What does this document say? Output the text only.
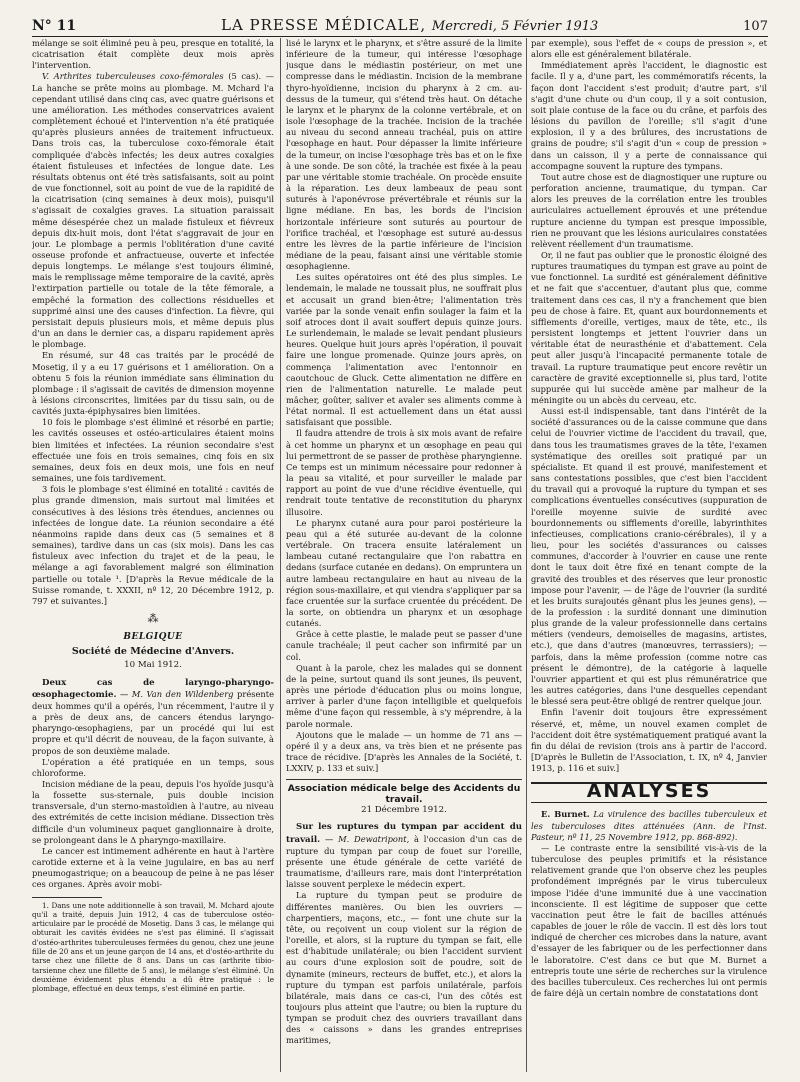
N° 11	LA PRESSE MÉDICALE, Mercredi, 5 Février 1913	107

mélange se soit éliminé peu à peu, presque en totalité, la cicatrisation était complète deux mois après l'intervention.

V. Arthrites tuberculeuses coxo-fémorales (5 cas). — La hanche se prête moins au plombage. M. Mchard l'a cependant utilisé dans cinq cas, avec quatre guérisons et une amélioration. Les méthodes conservatrices avaient complètement échoué et l'intervention n'a été pratiquée qu'après plusieurs années de traitement infructueux. Dans trois cas, la tuberculose coxo-fémorale était compliquée d'abcès infectés; les deux autres coxalgies étaient fistuleuses et infectées de longue date. Les résultats obtenus ont été très satisfaisants, soit au point de vue fonctionnel, soit au point de vue de la rapidité de la cicatrisation (cinq semaines à deux mois), puisqu'il s'agissait de coxalgies graves. La situation paraissait même désespérée chez un malade fistuleux et fiévreux depuis dix-huit mois, dont l'état s'aggravait de jour en jour. Le plombage a permis l'oblitération d'une cavité osseuse profonde et anfractueuse, ouverte et infectée depuis longtemps. Le mélange s'est toujours éliminé, mais le remplissage même temporaire de la cavité, après l'extirpation partielle ou totale de la tête fémorale, a empêché la formation des collections résiduelles et supprimé ainsi une des causes d'infection. La fièvre, qui persistait depuis plusieurs mois, et même depuis plus d'un an dans le dernier cas, a disparu rapidement après le plombage.

En résumé, sur 48 cas traités par le procédé de Mosetig, il y a eu 17 guérisons et 1 amélioration. On a obtenu 5 fois la réunion immédiate sans élimination du plombage : il s'agissait de cavités de dimension moyenne à lésions circonscrites, limitées par du tissu sain, ou de cavités juxta-épiphysaires bien limitées.

10 fois le plombage s'est éliminé et résorbé en partie; les cavités osseuses et ostéo-articulaires étaient moins bien limitées et infectées. La réunion secondaire s'est effectuée une fois en trois semaines, cinq fois en six semaines, deux fois en deux mois, une fois en neuf semaines, une fois tardivement.

3 fois le plombage s'est éliminé en totalité : cavités de plus grande dimension, mais surtout mal limitées et consécutives à des lésions très étendues, anciennes ou infectées de longue date. La réunion secondaire a été néanmoins rapide dans deux cas (5 semaines et 8 semaines), tardive dans un cas (six mois). Dans les cas fistuleux avec infection du trajet et de la peau, le mélange a agi favorablement malgré son élimination partielle ou totale ¹. [D'après la Revue médicale de la Suisse romande, t. XXXII, nº 12, 20 Décembre 1912, p. 797 et suivantes.]

⁂
BELGIQUE
Société de Médecine d'Anvers.
10 Mai 1912.

Deux cas de laryngo-pharyngo-œsophagectomie. — M. Van den Wildenberg présente deux hommes qu'il a opérés, l'un récemment, l'autre il y a près de deux ans, de cancers étendus laryngo-pharyngo-œsophagiens, par un procédé qui lui est propre et qu'il décrit de nouveau, de la façon suivante, à propos de son deuxième malade.

L'opération a été pratiquée en un temps, sous chloroforme.

Incision médiane de la peau, depuis l'os hyoïde jusqu'à la fossette sus-sternale, puis double incision transversale, d'un sterno-mastoïdien à l'autre, au niveau des extrémités de cette incision médiane. Dissection très difficile d'un volumineux paquet ganglionnaire à droite, se prolongeant dans le Δ pharyngo-maxillaire.

Le cancer est intimement adhérente en haut à l'artère carotide externe et à la veine jugulaire, en bas au nerf pneumogastrique; on a beaucoup de peine à ne pas léser ces organes. Après avoir mobi-

1. Dans une note additionnelle à son travail, M. Mchard ajoute qu'il a traité, depuis Juin 1912, 4 cas de tuberculose ostéo-articulaire par le procédé de Mosetig. Dans 3 cas, le mélange qui obturait les cavités évidées ne s'est pas éliminé. Il s'agissait d'ostéo-arthrites tuberculeuses fermées du genou, chez une jeune fille de 20 ans et un jeune garçon de 14 ans, et d'ostéo-arthrite du tarse chez une fillette de 8 ans. Dans un cas (arthrite tibio-tarsienne chez une fillette de 5 ans), le mélange s'est éliminé. Un deuxième évidement plus étendu a dû être pratiqué : le plombage, effectué en deux temps, s'est éliminé en partie.

lisé le larynx et le pharynx, et s'être assuré de la limite inférieure de la tumeur, qui intéresse l'œsophage jusque dans le médiastin postérieur, on met une compresse dans le médiastin. Incision de la membrane thyro-hyoïdienne, incision du pharynx à 2 cm. au-dessus de la tumeur, qui s'étend très haut. On détache le larynx et le pharynx de la colonne vertébrale, et on isole l'œsophage de la trachée. Incision de la trachée au niveau du second anneau trachéal, puis on attire l'œsophage en haut. Pour dépasser la limite inférieure de la tumeur, on incise l'œsophage très bas et on le fixe à une sonde. De son côté, la trachée est fixée à la peau par une véritable stomie trachéale. On procède ensuite à la réparation. Les deux lambeaux de peau sont suturés à l'aponévrose prévertébrale et réunis sur la ligne médiane. En bas, les bords de l'incision horizontale inférieure sont suturés au pourtour de l'orifice trachéal, et l'œsophage est suturé au-dessus entre les lèvres de la partie inférieure de l'incision médiane de la peau, faisant ainsi une véritable stomie œsophagienne.

Les suites opératoires ont été des plus simples. Le lendemain, le malade ne toussait plus, ne souffrait plus et accusait un grand bien-être; l'alimentation très variée par la sonde venait enfin soulager la faim et la soif atroces dont il avait souffert depuis quinze jours. Le surlendemain, le malade se levait pendant plusieurs heures. Quelque huit jours après l'opération, il pouvait faire une longue promenade. Quinze jours après, on commença l'alimentation avec l'entonnoir en caoutchouc de Gluck. Cette alimentation ne diffère en rien de l'alimentation naturelle. Le malade peut mâcher, goûter, saliver et avaler ses aliments comme à l'état normal. Il est actuellement dans un état aussi satisfaisant que possible.

Il faudra attendre de trois à six mois avant de refaire à cet homme un pharynx et un œsophage en peau qui lui permettront de se passer de prothèse pharyngienne. Ce temps est un minimum nécessaire pour redonner à la peau sa vitalité, et pour surveiller le malade par rapport au point de vue d'une récidive éventuelle, qui rendrait toute tentative de reconstitution du pharynx illusoire.

Le pharynx cutané aura pour paroi postérieure la peau qui a été suturée au-devant de la colonne vertébrale. On tracera ensuite latéralement un lambeau cutané rectangulaire que l'on rabattra en dedans (surface cutanée en dedans). On empruntera un autre lambeau rectangulaire en haut au niveau de la région sous-maxillaire, et qui viendra s'appliquer par sa face cruentée sur la surface cruentée du précédent. De la sorte, on obtiendra un pharynx et un œsophage cutanés.

Grâce à cette plastie, le malade peut se passer d'une canule trachéale; il peut cacher son infirmité par un col.

Quant à la parole, chez les malades qui se donnent de la peine, surtout quand ils sont jeunes, ils peuvent, après une période d'éducation plus ou moins longue, arriver à parler d'une façon intelligible et quelquefois même d'une façon qui ressemble, à s'y méprendre, à la parole normale.

Ajoutons que le malade — un homme de 71 ans — opéré il y a deux ans, va très bien et ne présente pas trace de récidive. [D'après les Annales de la Société, t. LXXIV, p. 133 et suiv.]

Association médicale belge des Accidents du travail.
21 Décembre 1912.

Sur les ruptures du tympan par accident du travail. — M. Dewatripont, à l'occasion d'un cas de rupture du tympan par coup de fouet sur l'oreille, présente une étude générale de cette variété de traumatisme, d'ailleurs rare, mais dont l'interprétation laisse souvent perplexe le médecin expert.

La rupture du tympan peut se produire de différentes manières. Ou bien les ouvriers — charpentiers, maçons, etc., — font une chute sur la tête, ou reçoivent un coup violent sur la région de l'oreille, et alors, si la rupture du tympan se fait, elle est d'habitude unilatérale; ou bien l'accident survient au cours d'une explosion soit de poudre, soit de dynamite (mineurs, recteurs de buffet, etc.), et alors la rupture du tympan est parfois unilatérale, parfois bilatérale, mais dans ce cas-ci, l'un des côtés est toujours plus atteint que l'autre; ou bien la rupture du tympan se produit chez des ouvriers travaillant dans des « caissons » dans les grandes entreprises maritimes,

par exemple), sous l'effet de « coups de pression », et alors elle est généralement bilatérale.

Immédiatement après l'accident, le diagnostic est facile. Il y a, d'une part, les commémoratifs récents, la façon dont l'accident s'est produit; d'autre part, s'il s'agit d'une chute ou d'un coup, il y a soit contusion, soit plaie contuse de la face ou du crâne, et parfois des lésions du pavillon de l'oreille; s'il s'agit d'une explosion, il y a des brûlures, des incrustations de grains de poudre; s'il s'agit d'un « coup de pression » dans un caisson, il y a perte de connaissance qui accompagne souvent la rupture des tympans.

Tout autre chose est de diagnostiquer une rupture ou perforation ancienne, traumatique, du tympan. Car alors les preuves de la corrélation entre les troubles auriculaires actuellement éprouvés et une prétendue rupture ancienne du tympan est presque impossible, rien ne prouvant que les lésions auriculaires constatées relèvent réellement d'un traumatisme.

Or, il ne faut pas oublier que le pronostic éloigné des ruptures traumatiques du tympan est grave au point de vue fonctionnel. La surdité est généralement définitive et ne fait que s'accentuer, d'autant plus que, comme traitement dans ces cas, il n'y a franchement que bien peu de chose à faire. Et, quant aux bourdonnements et sifflements d'oreille, vertiges, maux de tête, etc., ils persistent longtemps et jettent l'ouvrier dans un véritable état de neurasthénie et d'abattement. Cela peut aller jusqu'à l'incapacité permanente totale de travail. La rupture traumatique peut encore revêtir un caractère de gravité exceptionnelle si, plus tard, l'otite suppurée qui lui succède amène par malheur de la méningite ou un abcès du cerveau, etc.

Aussi est-il indispensable, tant dans l'intérêt de la société d'assurances ou de la caisse commune que dans celui de l'ouvrier victime de l'accident du travail, que, dans tous les traumatismes graves de la tête, l'examen systématique des oreilles soit pratiqué par un spécialiste. Et quand il est prouvé, manifestement et sans contestations possibles, que c'est bien l'accident du travail qui a provoqué la rupture du tympan et ses complications éventuelles consécutives (suppuration de l'oreille moyenne suivie de surdité avec bourdonnements ou sifflements d'oreille, labyrinthites infectieuses, complications cranio-cérébrales), il y a lieu, pour les sociétés d'assurances ou caisses communes, d'accorder à l'ouvrier en cause une rente dont le taux doit être fixé en tenant compte de la gravité des troubles et des réserves que leur pronostic impose pour l'avenir, — de l'âge de l'ouvrier (la surdité et les bruits surajoutés gênant plus les jeunes gens), — de la profession : la surdité donnant une diminution plus grande de la valeur professionnelle dans certains métiers (vendeurs, demoiselles de magasins, artistes, etc.), que dans d'autres (manœuvres, terrassiers); — parfois, dans la même profession (comme notre cas présent le démontre), de la catégorie à laquelle l'ouvrier appartient et qui est plus rémunératrice que les autres catégories, dans l'une desquelles cependant le blessé sera peut-être obligé de rentrer quelque jour.

Enfin l'avenir doit toujours être expressément réservé, et, même, un nouvel examen complet de l'accident doit être systématiquement pratiqué avant la fin du délai de revision (trois ans à partir de l'accord. [D'après le Bulletin de l'Association, t. IX, nº 4, Janvier 1913, p. 116 et suiv.]

ANALYSES

E. Burnet. La virulence des bacilles tuberculeux et les tuberculoses dites atténuées (Ann. de l'Inst. Pasteur, nº 11, 25 Novembre 1912, pp. 868-892).

— Le contraste entre la sensibilité vis-à-vis de la tuberculose des peuples primitifs et la résistance relativement grande que l'on observe chez les peuples profondément imprégnés par le virus tuberculeux impose l'idée d'une immunité due à une vaccination inconsciente. Il est légitime de supposer que cette vaccination peut être le fait de bacilles atténués capables de jouer le rôle de vaccin. Il est dès lors tout indiqué de chercher ces microbes dans la nature, avant d'essayer de les fabriquer ou de les perfectionner dans le laboratoire. C'est dans ce but que M. Burnet a entrepris toute une série de recherches sur la virulence des bacilles tuberculeux. Ces recherches lui ont permis de faire déjà un certain nombre de constatations dont
